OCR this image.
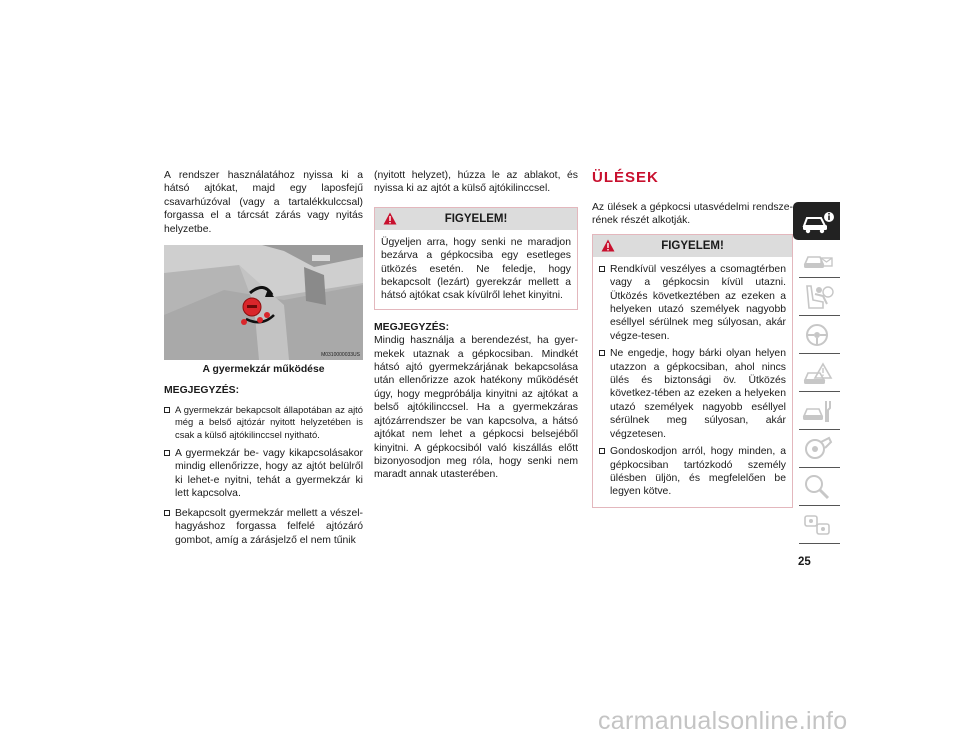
A rendszer használatához nyissa ki a hátsó ajtókat, majd egy laposfejű csavarhúzóval (vagy a tartalékkulccsal) forgassa el a tárcsát zárás vagy nyitás helyzetbe.
M0310000033US
A gyermekzár működése
MEGJEGYZÉS:
A gyermekzár bekapcsolt állapotában az ajtó még a belső ajtózár nyitott helyzetében is csak a külső ajtókilinccsel nyitható.
A gyermekzár be- vagy kikapcsolásakor mindig ellenőrizze, hogy az ajtót belülről ki lehet-e nyitni, tehát a gyermekzár ki lett kapcsolva.
Bekapcsolt gyermekzár mellett a vészel-hagyáshoz forgassa felfelé ajtózáró gombot, amíg a zárásjelző el nem tűnik
(nyitott helyzet), húzza le az ablakot, és nyissa ki az ajtót a külső ajtókilinccsel.
FIGYELEM!
Ügyeljen arra, hogy senki ne maradjon bezárva a gépkocsiba egy esetleges ütközés esetén. Ne feledje, hogy bekapcsolt (lezárt) gyerekzár mellett a hátsó ajtókat csak kívülről lehet kinyitni.
MEGJEGYZÉS:
Mindig használja a berendezést, ha gyer-mekek utaznak a gépkocsiban. Mindkét hátsó ajtó gyermekzárjának bekapcsolása után ellenőrizze azok hatékony működését úgy, hogy megpróbálja kinyitni az ajtókat a belső ajtókilinccsel. Ha a gyermekzáras ajtózárrendszer be van kapcsolva, a hátsó ajtókat nem lehet a gépkocsi belsejéből kinyitni. A gépkocsiból való kiszállás előtt bizonyosodjon meg róla, hogy senki nem maradt annak utasterében.
ÜLÉSEK
Az ülések a gépkocsi utasvédelmi rendsze-rének részét alkotják.
FIGYELEM!
Rendkívül veszélyes a csomagtérben vagy a gépkocsin kívül utazni. Ütközés következtében az ezeken a helyeken utazó személyek nagyobb eséllyel sérülnek meg súlyosan, akár végze-tesen.
Ne engedje, hogy bárki olyan helyen utazzon a gépkocsiban, ahol nincs ülés és biztonsági öv. Ütközés következ-tében az ezeken a helyeken utazó személyek nagyobb eséllyel sérülnek meg súlyosan, akár végzetesen.
Gondoskodjon arról, hogy minden, a gépkocsiban tartózkodó személy ülésben üljön, és megfelelően be legyen kötve.
25
carmanualsonline.info
